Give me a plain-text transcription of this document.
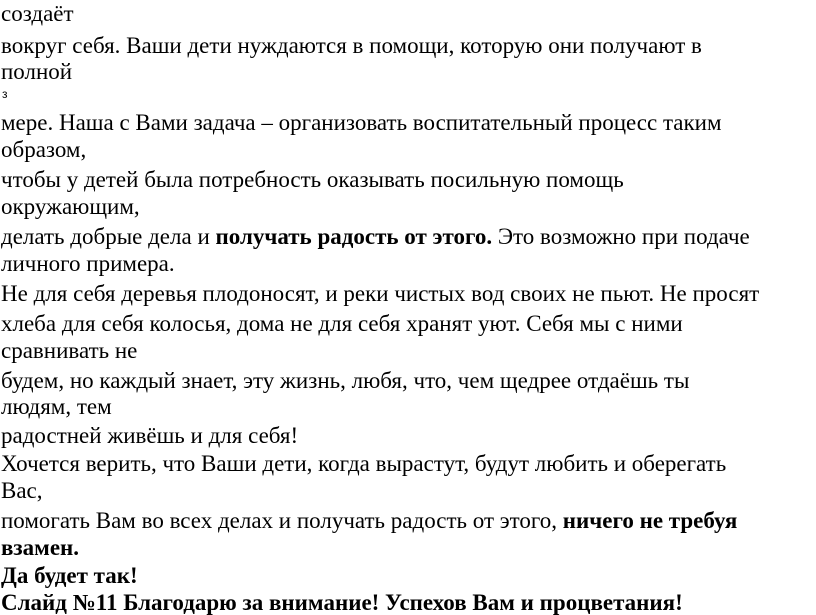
создаёт
вокруг себя. Ваши дети нуждаются в помощи, которую они получают в
полной
з
мере. Наша с Вами задача – организовать воспитательный процесс таким
образом,
чтобы у детей была потребность оказывать посильную помощь
окружающим,
делать добрые дела и получать радость от этого. Это возможно при подаче
личного примера.
Не для себя деревья плодоносят, и реки чистых вод своих не пьют. Не просят
хлеба для себя колосья, дома не для себя хранят уют. Себя мы с ними
сравнивать не
будем, но каждый знает, эту жизнь, любя, что, чем щедрее отдаёшь ты
людям, тем
радостней живёшь и для себя!
Хочется верить, что Ваши дети, когда вырастут, будут любить и оберегать
Вас,
помогать Вам во всех делах и получать радость от этого, ничего не требуя
взамен.
Да будет так!
Слайд №11 Благодарю за внимание! Успехов Вам и процветания!
